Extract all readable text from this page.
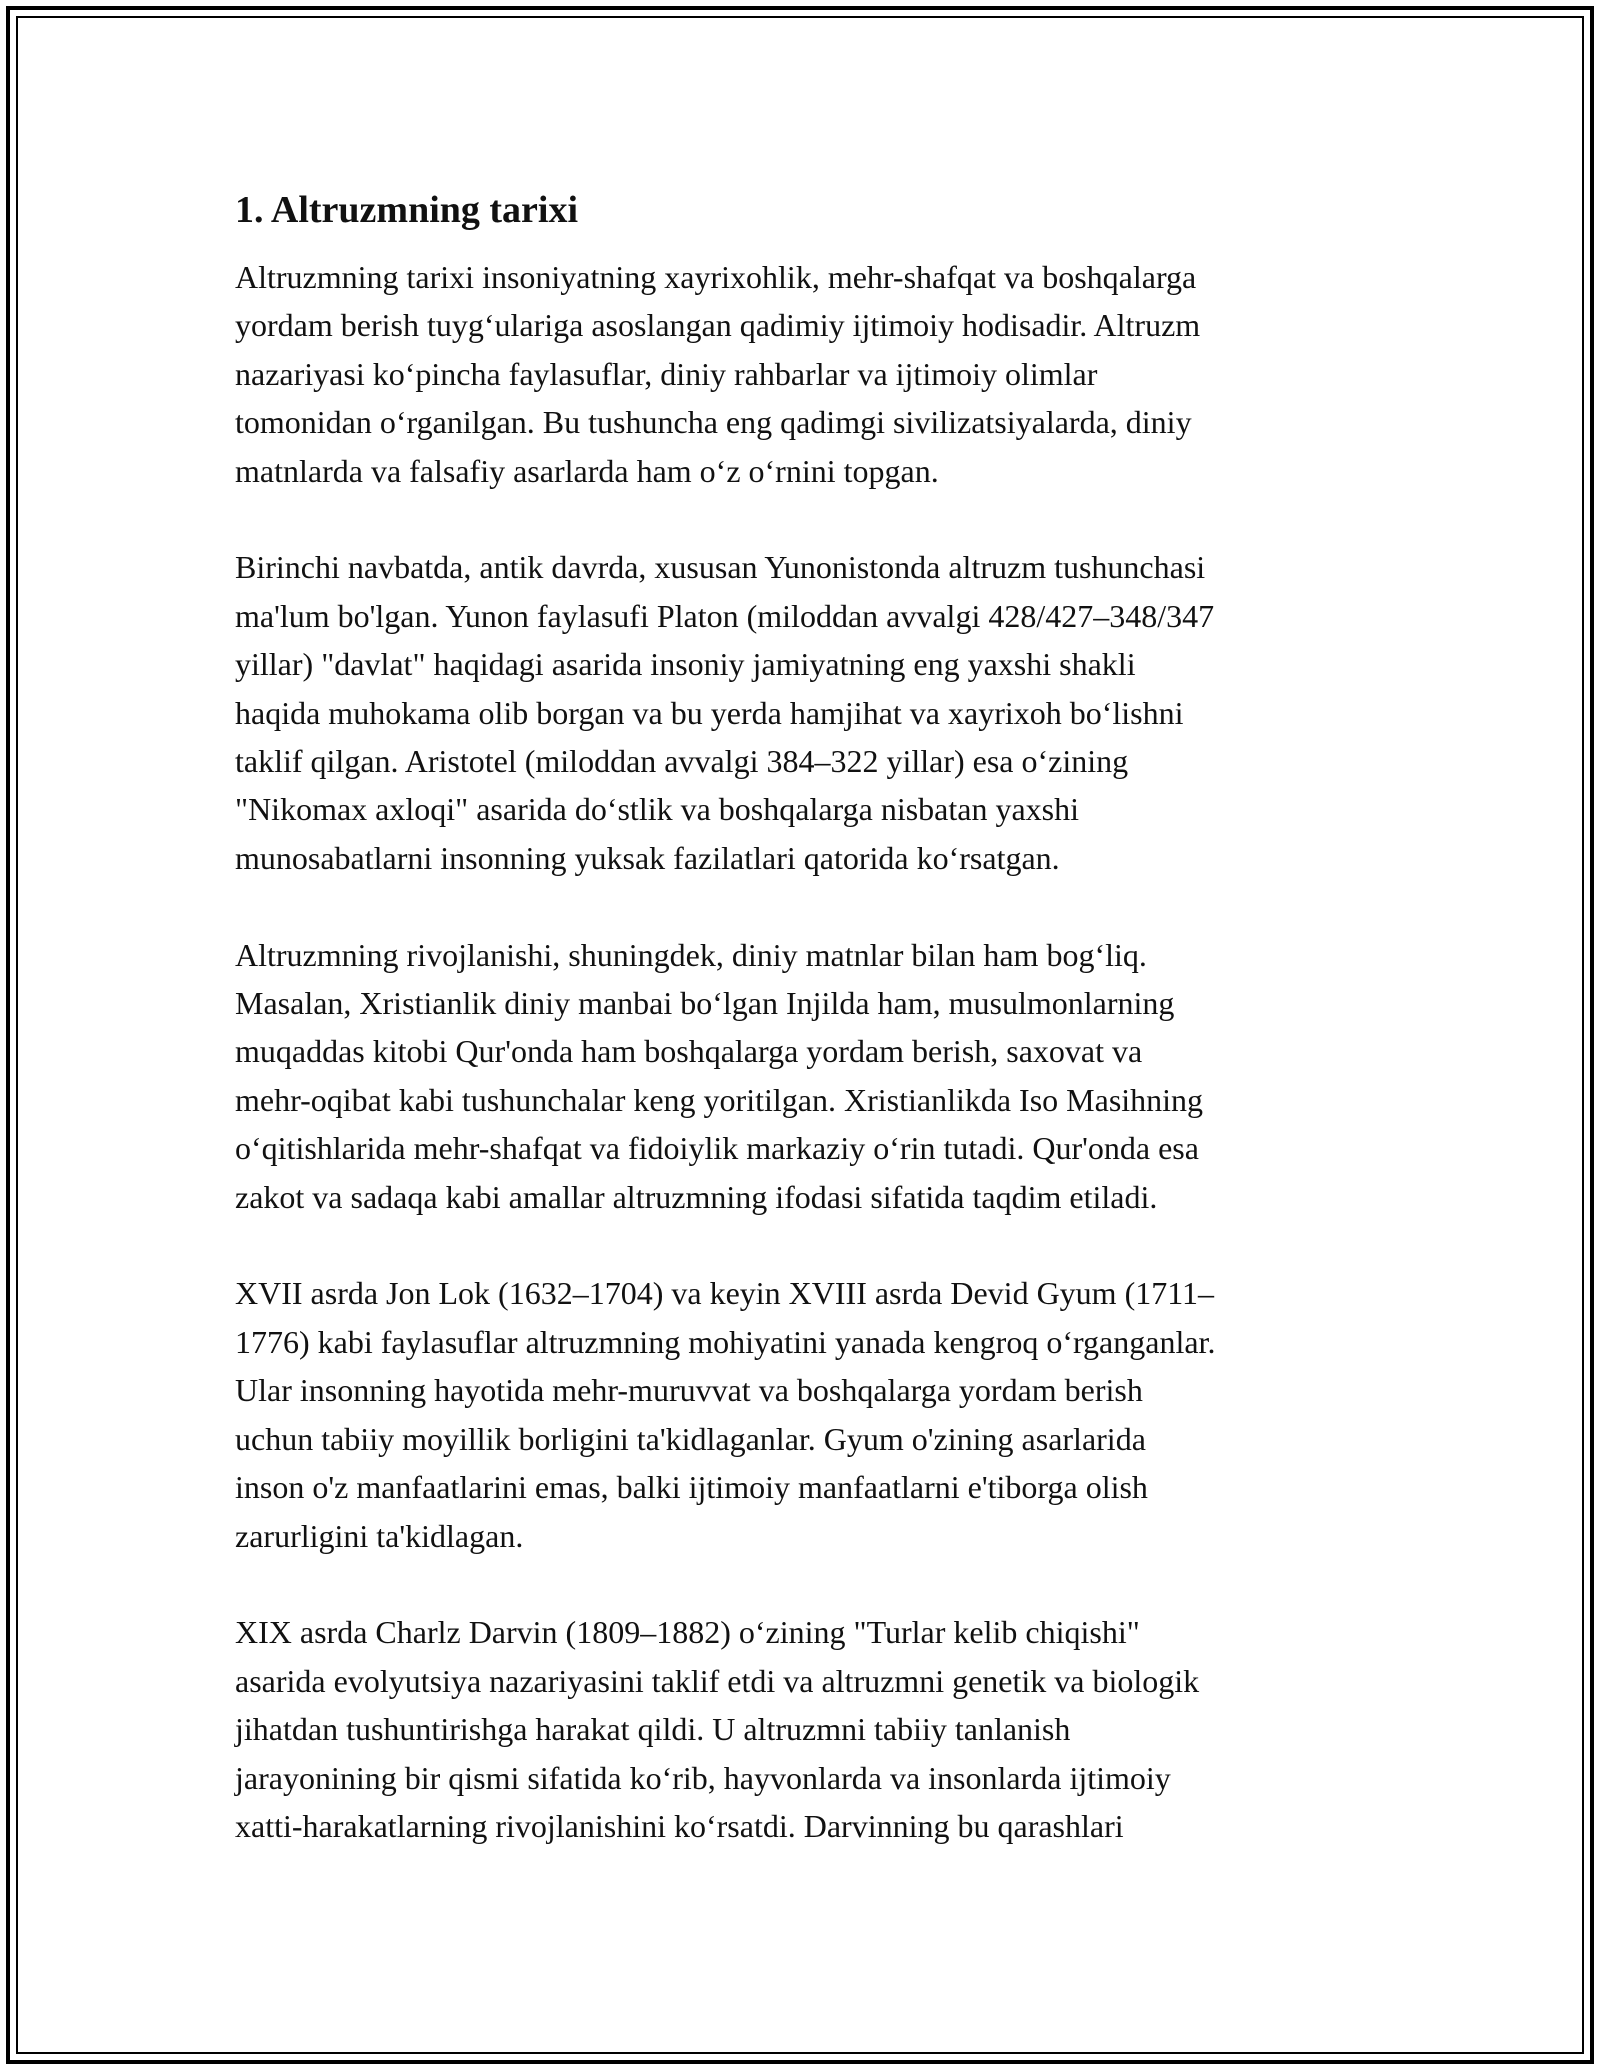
1. Altruzmning tarixi
Altruzmning tarixi insoniyatning xayrixohlik, mehr-shafqat va boshqalarga
yordam berish tuyg‘ulariga asoslangan qadimiy ijtimoiy hodisadir. Altruzm
nazariyasi ko‘pincha faylasuflar, diniy rahbarlar va ijtimoiy olimlar
tomonidan o‘rganilgan. Bu tushuncha eng qadimgi sivilizatsiyalarda, diniy
matnlarda va falsafiy asarlarda ham o‘z o‘rnini topgan.
Birinchi navbatda, antik davrda, xususan Yunonistonda altruzm tushunchasi
ma'lum bo'lgan. Yunon faylasufi Platon (miloddan avvalgi 428/427–348/347
yillar) "davlat" haqidagi asarida insoniy jamiyatning eng yaxshi shakli
haqida muhokama olib borgan va bu yerda hamjihat va xayrixoh bo‘lishni
taklif qilgan. Aristotel (miloddan avvalgi 384–322 yillar) esa o‘zining
"Nikomax axloqi" asarida do‘stlik va boshqalarga nisbatan yaxshi
munosabatlarni insonning yuksak fazilatlari qatorida ko‘rsatgan.
Altruzmning rivojlanishi, shuningdek, diniy matnlar bilan ham bog‘liq.
Masalan, Xristianlik diniy manbai bo‘lgan Injilda ham, musulmonlarning
muqaddas kitobi Qur'onda ham boshqalarga yordam berish, saxovat va
mehr-oqibat kabi tushunchalar keng yoritilgan. Xristianlikda Iso Masihning
o‘qitishlarida mehr-shafqat va fidoiylik markaziy o‘rin tutadi. Qur'onda esa
zakot va sadaqa kabi amallar altruzmning ifodasi sifatida taqdim etiladi.
XVII asrda Jon Lok (1632–1704) va keyin XVIII asrda Devid Gyum (1711–
1776) kabi faylasuflar altruzmning mohiyatini yanada kengroq o‘rganganlar.
Ular insonning hayotida mehr-muruvvat va boshqalarga yordam berish
uchun tabiiy moyillik borligini ta'kidlaganlar. Gyum o'zining asarlarida
inson o'z manfaatlarini emas, balki ijtimoiy manfaatlarni e'tiborga olish
zarurligini ta'kidlagan.
XIX asrda Charlz Darvin (1809–1882) o‘zining "Turlar kelib chiqishi"
asarida evolyutsiya nazariyasini taklif etdi va altruzmni genetik va biologik
jihatdan tushuntirishga harakat qildi. U altruzmni tabiiy tanlanish
jarayonining bir qismi sifatida ko‘rib, hayvonlarda va insonlarda ijtimoiy
xatti-harakatlarning rivojlanishini ko‘rsatdi. Darvinning bu qarashlari
